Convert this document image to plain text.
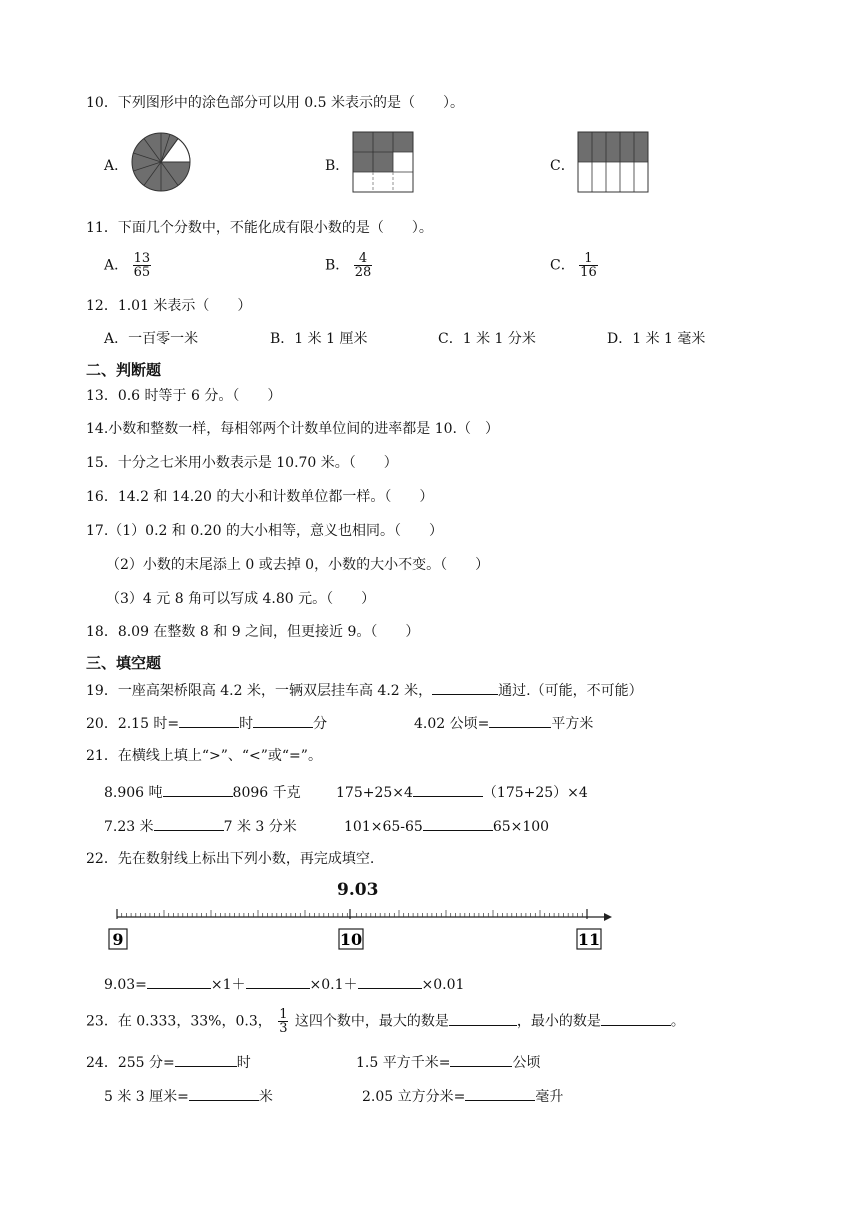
10．下列图形中的涂色部分可以用 0.5 米表示的是（　　）。
A．	B．	C．
11．下面几个分数中，不能化成有限小数的是（　　）。
A． $\frac{13}{65}$	B． $\frac{4}{28}$	C． $\frac{1}{16}$
12．1.01 米表示（　　）
A．一百零一米	B．1 米 1 厘米	C．1 米 1 分米	D．1 米 1 毫米
二、判断题
13．0.6 时等于 6 分。（　　）
14.小数和整数一样，每相邻两个计数单位间的进率都是 10.（　）
15．十分之七米用小数表示是 10.70 米。（　　）
16．14.2 和 14.20 的大小和计数单位都一样。（　　）
17.（1）0.2 和 0.20 的大小相等，意义也相同。（　　）
（2）小数的末尾添上 0 或去掉 0，小数的大小不变。（　　）
（3）4 元 8 角可以写成 4.80 元。（　　）
18．8.09 在整数 8 和 9 之间，但更接近 9。（　　）
三、填空题
19．一座高架桥限高 4.2 米，一辆双层挂车高 4.2 米，	通过.（可能，不可能）
20．2.15 时=	时	分	4.02 公顷=	平方米
21．在横线上填上“>”、“<”或“=”。
8.906 吨	8096 千克	175+25×4	（175+25）×4
7.23 米	7 米 3 分米	101×65-65	65×100
22．先在数射线上标出下列小数，再完成填空.
9.03
9	10	11
9.03=	×1＋	×0.1＋	×0.01
23．在 0.333，33%，0.3， $\frac{1}{3}$ 这四个数中，最大的数是	，最小的数是	。
24．255 分=	时	1.5 平方千米=	公顷
5 米 3 厘米=	米	2.05 立方分米=	毫升
